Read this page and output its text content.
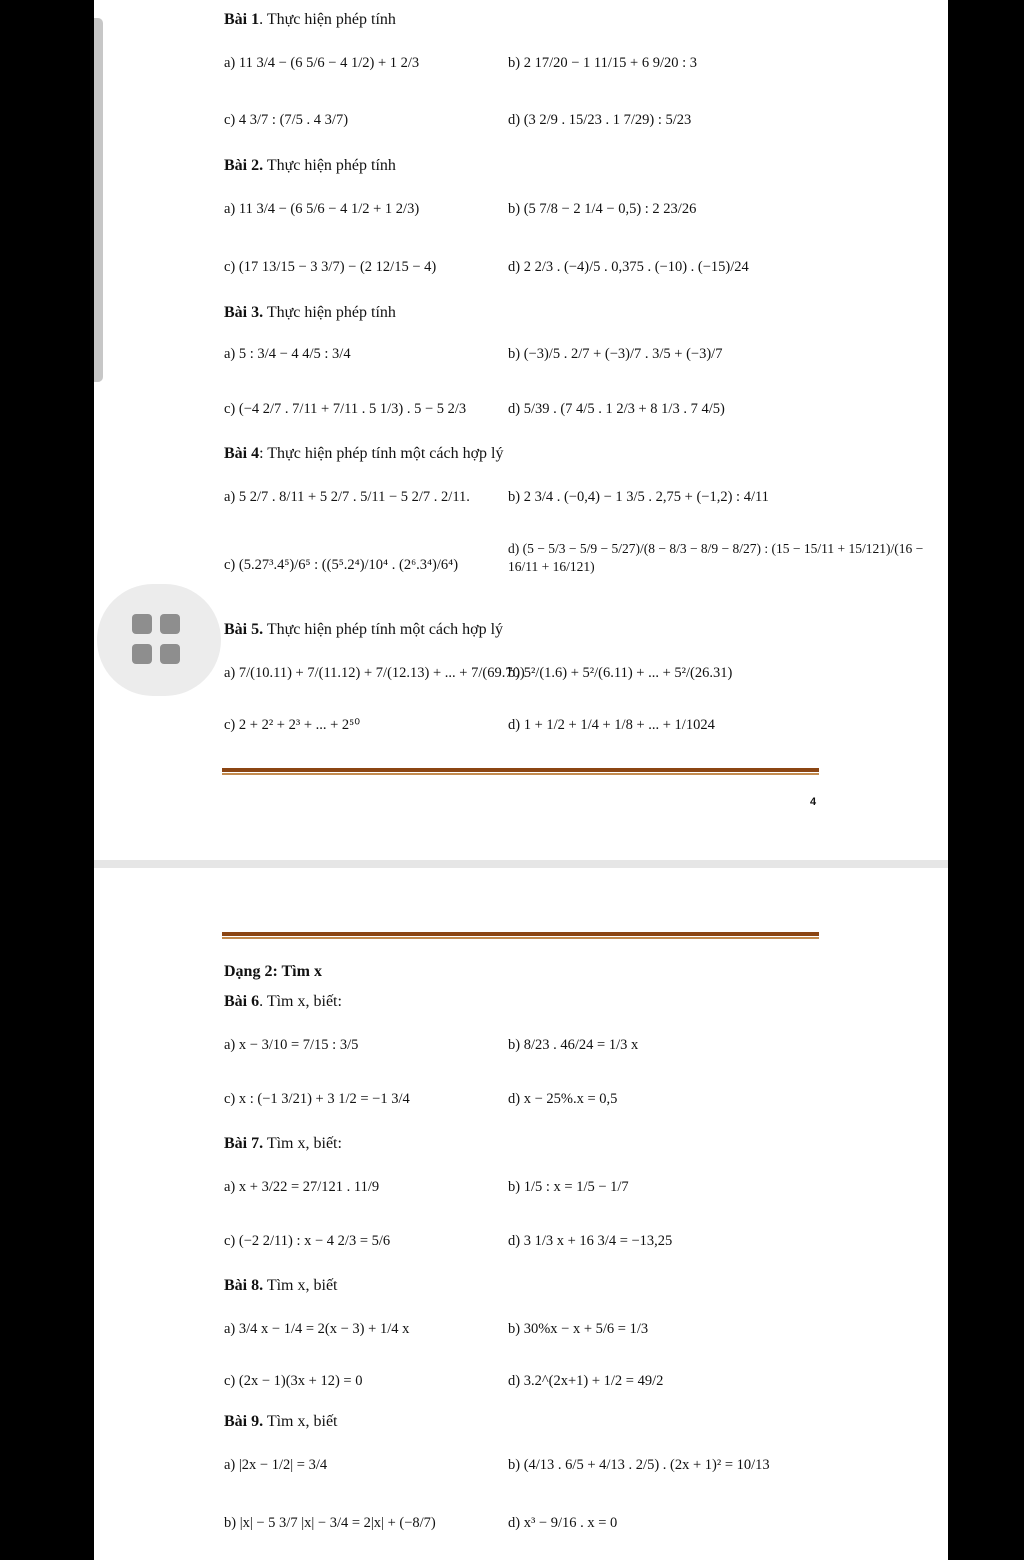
Bài 1. Thực hiện phép tính
a) 11 3/4 − (6 5/6 − 4 1/2) + 1 2/3	b) 2 17/20 − 1 11/15 + 6 9/20 : 3
c) 4 3/7 : (7/5 . 4 3/7)	d) (3 2/9 . 15/23 . 1 7/29) : 5/23
Bài 2. Thực hiện phép tính
a) 11 3/4 − (6 5/6 − 4 1/2 + 1 2/3)	b) (5 7/8 − 2 1/4 − 0,5) : 2 23/26
c) (17 13/15 − 3 3/7) − (2 12/15 − 4)	d) 2 2/3 . (−4)/5 . 0,375 . (−10) . (−15)/24
Bài 3. Thực hiện phép tính
a) 5 : 3/4 − 4 4/5 : 3/4	b) (−3)/5 . 2/7 + (−3)/7 . 3/5 + (−3)/7
c) (−4 2/7 . 7/11 + 7/11 . 5 1/3) . 5 − 5 2/3	d) 5/39 . (7 4/5 . 1 2/3 + 8 1/3 . 7 4/5)
Bài 4: Thực hiện phép tính một cách hợp lý
a) 5 2/7 . 8/11 + 5 2/7 . 5/11 − 5 2/7 . 2/11.	b) 2 3/4 . (−0,4) − 1 3/5 . 2,75 + (−1,2) : 4/11
c) (5.27³.4⁵)/6⁵ : ((5⁵.2⁴)/10⁴ . (2⁶.3⁴)/6⁴)
d) (5 − 5/3 − 5/9 − 5/27)/(8 − 8/3 − 8/9 − 8/27) : (15 − 15/11 + 15/121)/(16 − 16/11 + 16/121)
Bài 5. Thực hiện phép tính một cách hợp lý
a) 7/(10.11) + 7/(11.12) + 7/(12.13) + ... + 7/(69.70)
b) 5²/(1.6) + 5²/(6.11) + ... + 5²/(26.31)
c) 2 + 2² + 2³ + ... + 2⁵⁰	d) 1 + 1/2 + 1/4 + 1/8 + ... + 1/1024
4
Dạng 2: Tìm x
Bài 6. Tìm x, biết:
a) x − 3/10 = 7/15 : 3/5	b) 8/23 . 46/24 = 1/3 x
c) x : (−1 3/21) + 3 1/2 = −1 3/4	d) x − 25%.x = 0,5
Bài 7. Tìm x, biết:
a) x + 3/22 = 27/121 . 11/9	b) 1/5 : x = 1/5 − 1/7
c) (−2 2/11) : x − 4 2/3 = 5/6	d) 3 1/3 x + 16 3/4 = −13,25
Bài 8. Tìm x, biết
a) 3/4 x − 1/4 = 2(x − 3) + 1/4 x	b) 30%x − x + 5/6 = 1/3
c) (2x − 1)(3x + 12) = 0	d) 3.2^(2x+1) + 1/2 = 49/2
Bài 9. Tìm x, biết
a) |2x − 1/2| = 3/4	b) (4/13 . 6/5 + 4/13 . 2/5) . (2x + 1)² = 10/13
b) |x| − 5 3/7 |x| − 3/4 = 2|x| + (−8/7)	d) x³ − 9/16 . x = 0
